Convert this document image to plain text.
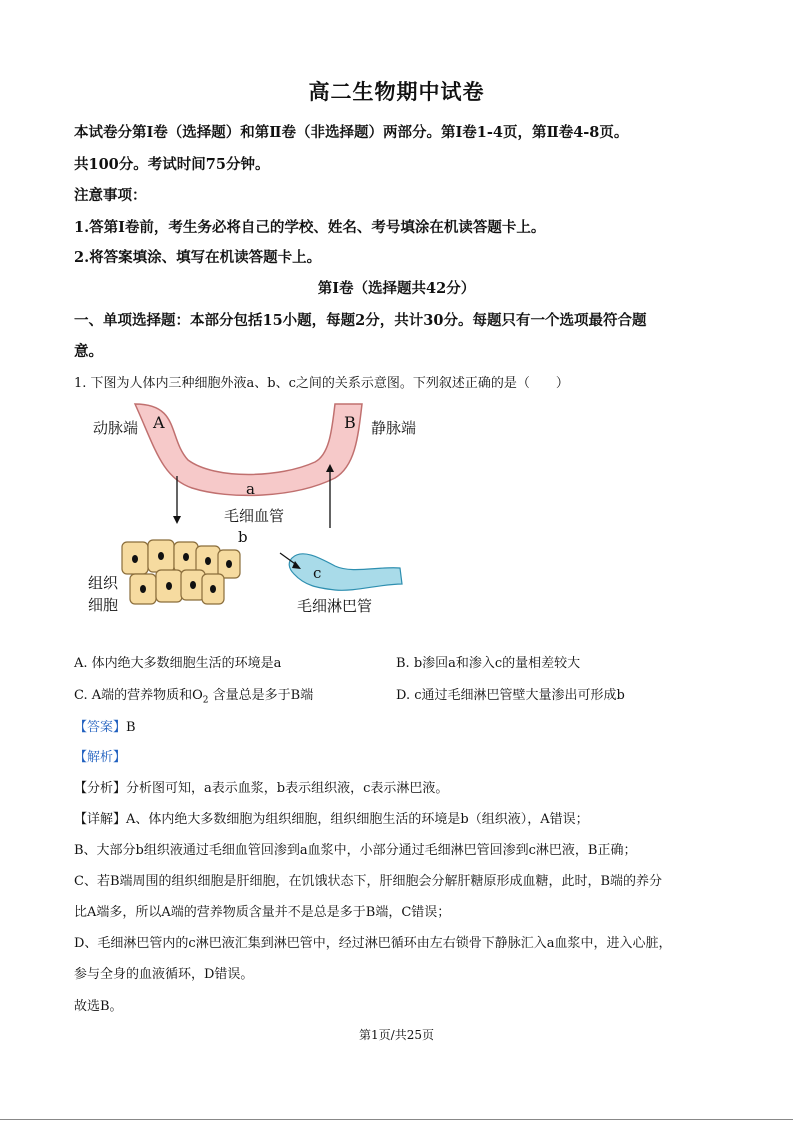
高二生物期中试卷
本试卷分第Ⅰ卷（选择题）和第Ⅱ卷（非选择题）两部分。第Ⅰ卷1-4页，第Ⅱ卷4-8页。
共100分。考试时间75分钟。
注意事项：
1.答第Ⅰ卷前，考生务必将自己的学校、姓名、考号填涂在机读答题卡上。
2.将答案填涂、填写在机读答题卡上。
第Ⅰ卷（选择题共42分）
一、单项选择题：本部分包括15小题，每题2分，共计30分。每题只有一个选项最符合题
意。
1. 下图为人体内三种细胞外液a、b、c之间的关系示意图。下列叙述正确的是（　　）
动脉端	静脉端
A	B
a
毛细血管
b
c
组织
细胞	毛细淋巴管
A. 体内绝大多数细胞生活的环境是a	B. b渗回a和渗入c的量相差较大
C. A端的营养物质和$O_2$ 含量总是多于B端	D. c通过毛细淋巴管壁大量渗出可形成b
【答案】B
【解析】
【分析】分析图可知，a表示血浆，b表示组织液，c表示淋巴液。
【详解】A、体内绝大多数细胞为组织细胞，组织细胞生活的环境是b（组织液），A错误；
B、大部分b组织液通过毛细血管回渗到a血浆中，小部分通过毛细淋巴管回渗到c淋巴液，B正确；
C、若B端周围的组织细胞是肝细胞，在饥饿状态下，肝细胞会分解肝糖原形成血糖，此时，B端的养分
比A端多，所以A端的营养物质含量并不是总是多于B端，C错误；
D、毛细淋巴管内的c淋巴液汇集到淋巴管中，经过淋巴循环由左右锁骨下静脉汇入a血浆中，进入心脏，
参与全身的血液循环，D错误。
故选B。
第1页/共25页
